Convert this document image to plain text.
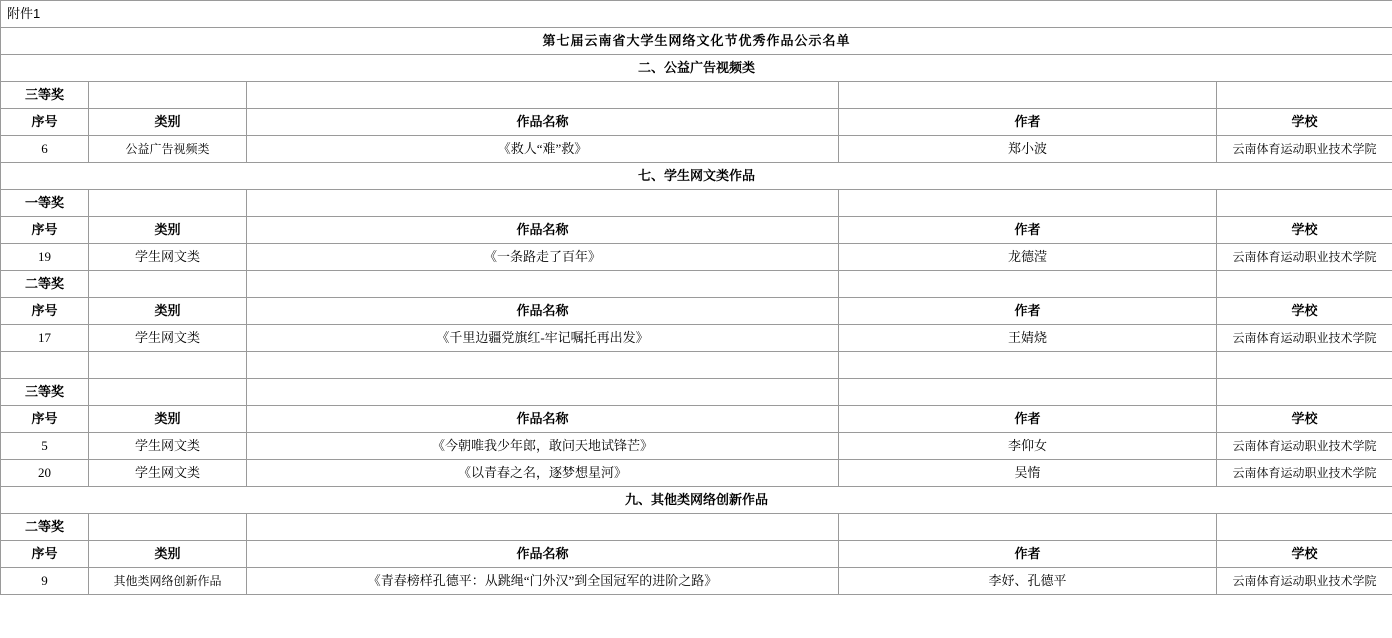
附件1				
第七届云南省大学生网络文化节优秀作品公示名单				
二、公益广告视频类				
三等奖				
序号	类别	作品名称	作者	学校
6	公益广告视频类	《救人“难”救》	郑小波	云南体育运动职业技术学院
七、学生网文类作品				
一等奖				
序号	类别	作品名称	作者	学校
19	学生网文类	《一条路走了百年》	龙德滢	云南体育运动职业技术学院
二等奖				
序号	类别	作品名称	作者	学校
17	学生网文类	《千里边疆党旗红-牢记嘱托再出发》	王婧烧	云南体育运动职业技术学院

三等奖				
序号	类别	作品名称	作者	学校
5	学生网文类	《今朝唯我少年郎，敢问天地试锋芒》	李仰女	云南体育运动职业技术学院
20	学生网文类	《以青春之名，逐梦想星河》	吴惰	云南体育运动职业技术学院
九、其他类网络创新作品				
二等奖				
序号	类别	作品名称	作者	学校
9	其他类网络创新作品	《青春榜样孔德平：从跳绳“门外汉”到全国冠军的进阶之路》	李妤、孔德平	云南体育运动职业技术学院
